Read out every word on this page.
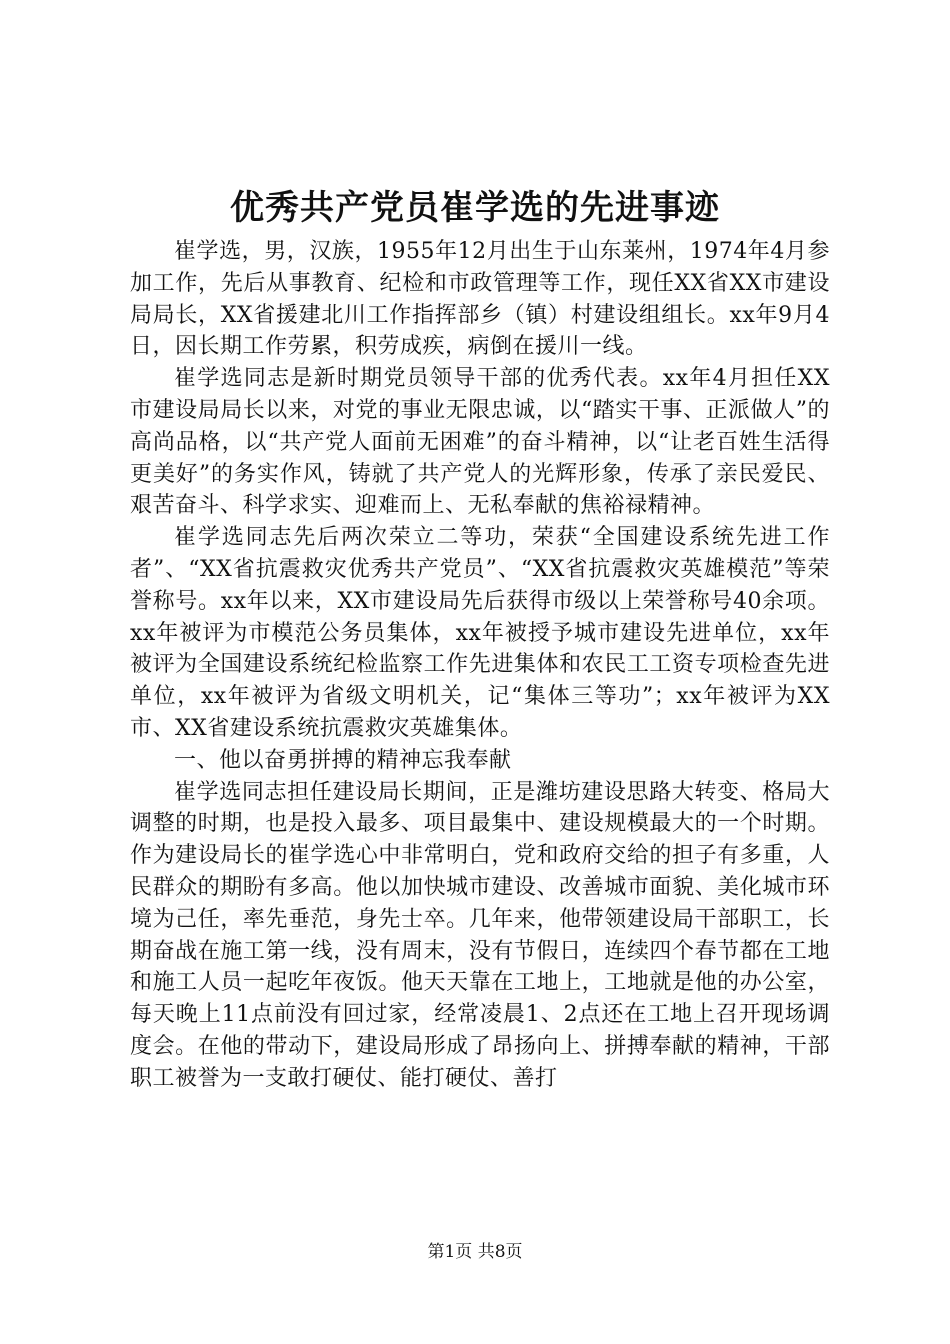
优秀共产党员崔学选的先进事迹

崔学选，男，汉族，1955年12月出生于山东莱州，1974年4月参加工作，先后从事教育、纪检和市政管理等工作，现任XX省XX市建设局局长，XX省援建北川工作指挥部乡（镇）村建设组组长。xx年9月4日，因长期工作劳累，积劳成疾，病倒在援川一线。

崔学选同志是新时期党员领导干部的优秀代表。xx年4月担任XX市建设局局长以来，对党的事业无限忠诚，以“踏实干事、正派做人”的高尚品格，以“共产党人面前无困难”的奋斗精神，以“让老百姓生活得更美好”的务实作风，铸就了共产党人的光辉形象，传承了亲民爱民、艰苦奋斗、科学求实、迎难而上、无私奉献的焦裕禄精神。

崔学选同志先后两次荣立二等功，荣获“全国建设系统先进工作者”、“XX省抗震救灾优秀共产党员”、“XX省抗震救灾英雄模范”等荣誉称号。xx年以来，XX市建设局先后获得市级以上荣誉称号40余项。xx年被评为市模范公务员集体，xx年被授予城市建设先进单位，xx年被评为全国建设系统纪检监察工作先进集体和农民工工资专项检查先进单位，xx年被评为省级文明机关，记“集体三等功”；xx年被评为XX市、XX省建设系统抗震救灾英雄集体。

一、他以奋勇拼搏的精神忘我奉献

崔学选同志担任建设局长期间，正是潍坊建设思路大转变、格局大调整的时期，也是投入最多、项目最集中、建设规模最大的一个时期。作为建设局长的崔学选心中非常明白，党和政府交给的担子有多重，人民群众的期盼有多高。他以加快城市建设、改善城市面貌、美化城市环境为己任，率先垂范，身先士卒。几年来，他带领建设局干部职工，长期奋战在施工第一线，没有周末，没有节假日，连续四个春节都在工地和施工人员一起吃年夜饭。他天天靠在工地上，工地就是他的办公室，每天晚上11点前没有回过家，经常凌晨1、2点还在工地上召开现场调度会。在他的带动下，建设局形成了昂扬向上、拼搏奉献的精神，干部职工被誉为一支敢打硬仗、能打硬仗、善打

第1页 共8页
